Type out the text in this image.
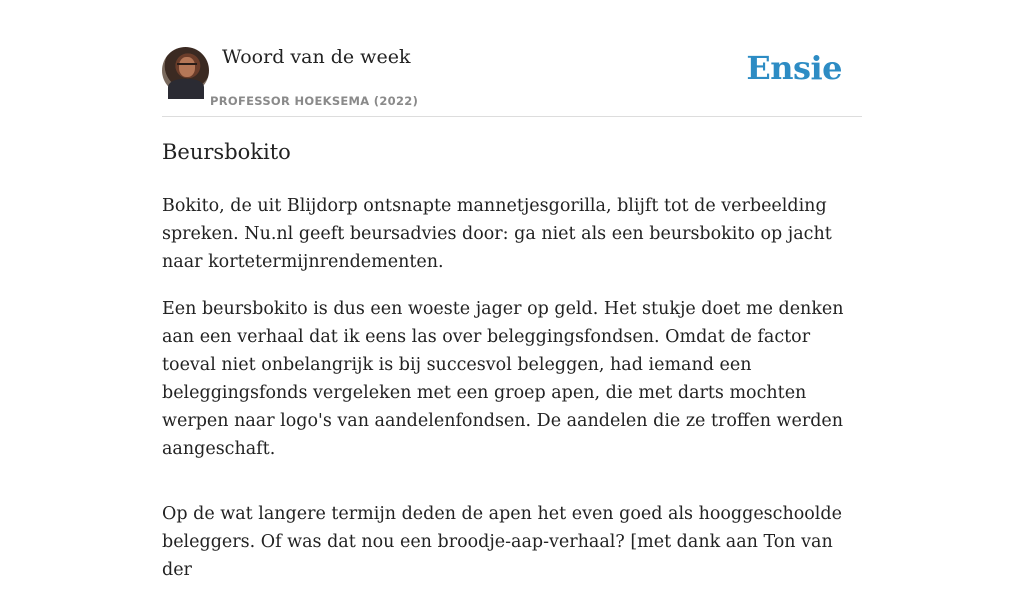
Woord van de week
PROFESSOR HOEKSEMA (2022)
Ensie
Beursbokito

Bokito, de uit Blijdorp ontsnapte mannetjesgorilla, blijft tot de verbeelding spreken. Nu.nl geeft beursadvies door: ga niet als een beursbokito op jacht naar kortetermijnrendementen.

Een beursbokito is dus een woeste jager op geld. Het stukje doet me denken aan een verhaal dat ik eens las over beleggingsfondsen. Omdat de factor toeval niet onbelangrijk is bij succesvol beleggen, had iemand een beleggingsfonds vergeleken met een groep apen, die met darts mochten werpen naar logo's van aandelenfondsen. De aandelen die ze troffen werden aangeschaft.

Op de wat langere termijn deden de apen het even goed als hooggeschoolde beleggers. Of was dat nou een broodje-aap-verhaal? [met dank aan Ton van der
